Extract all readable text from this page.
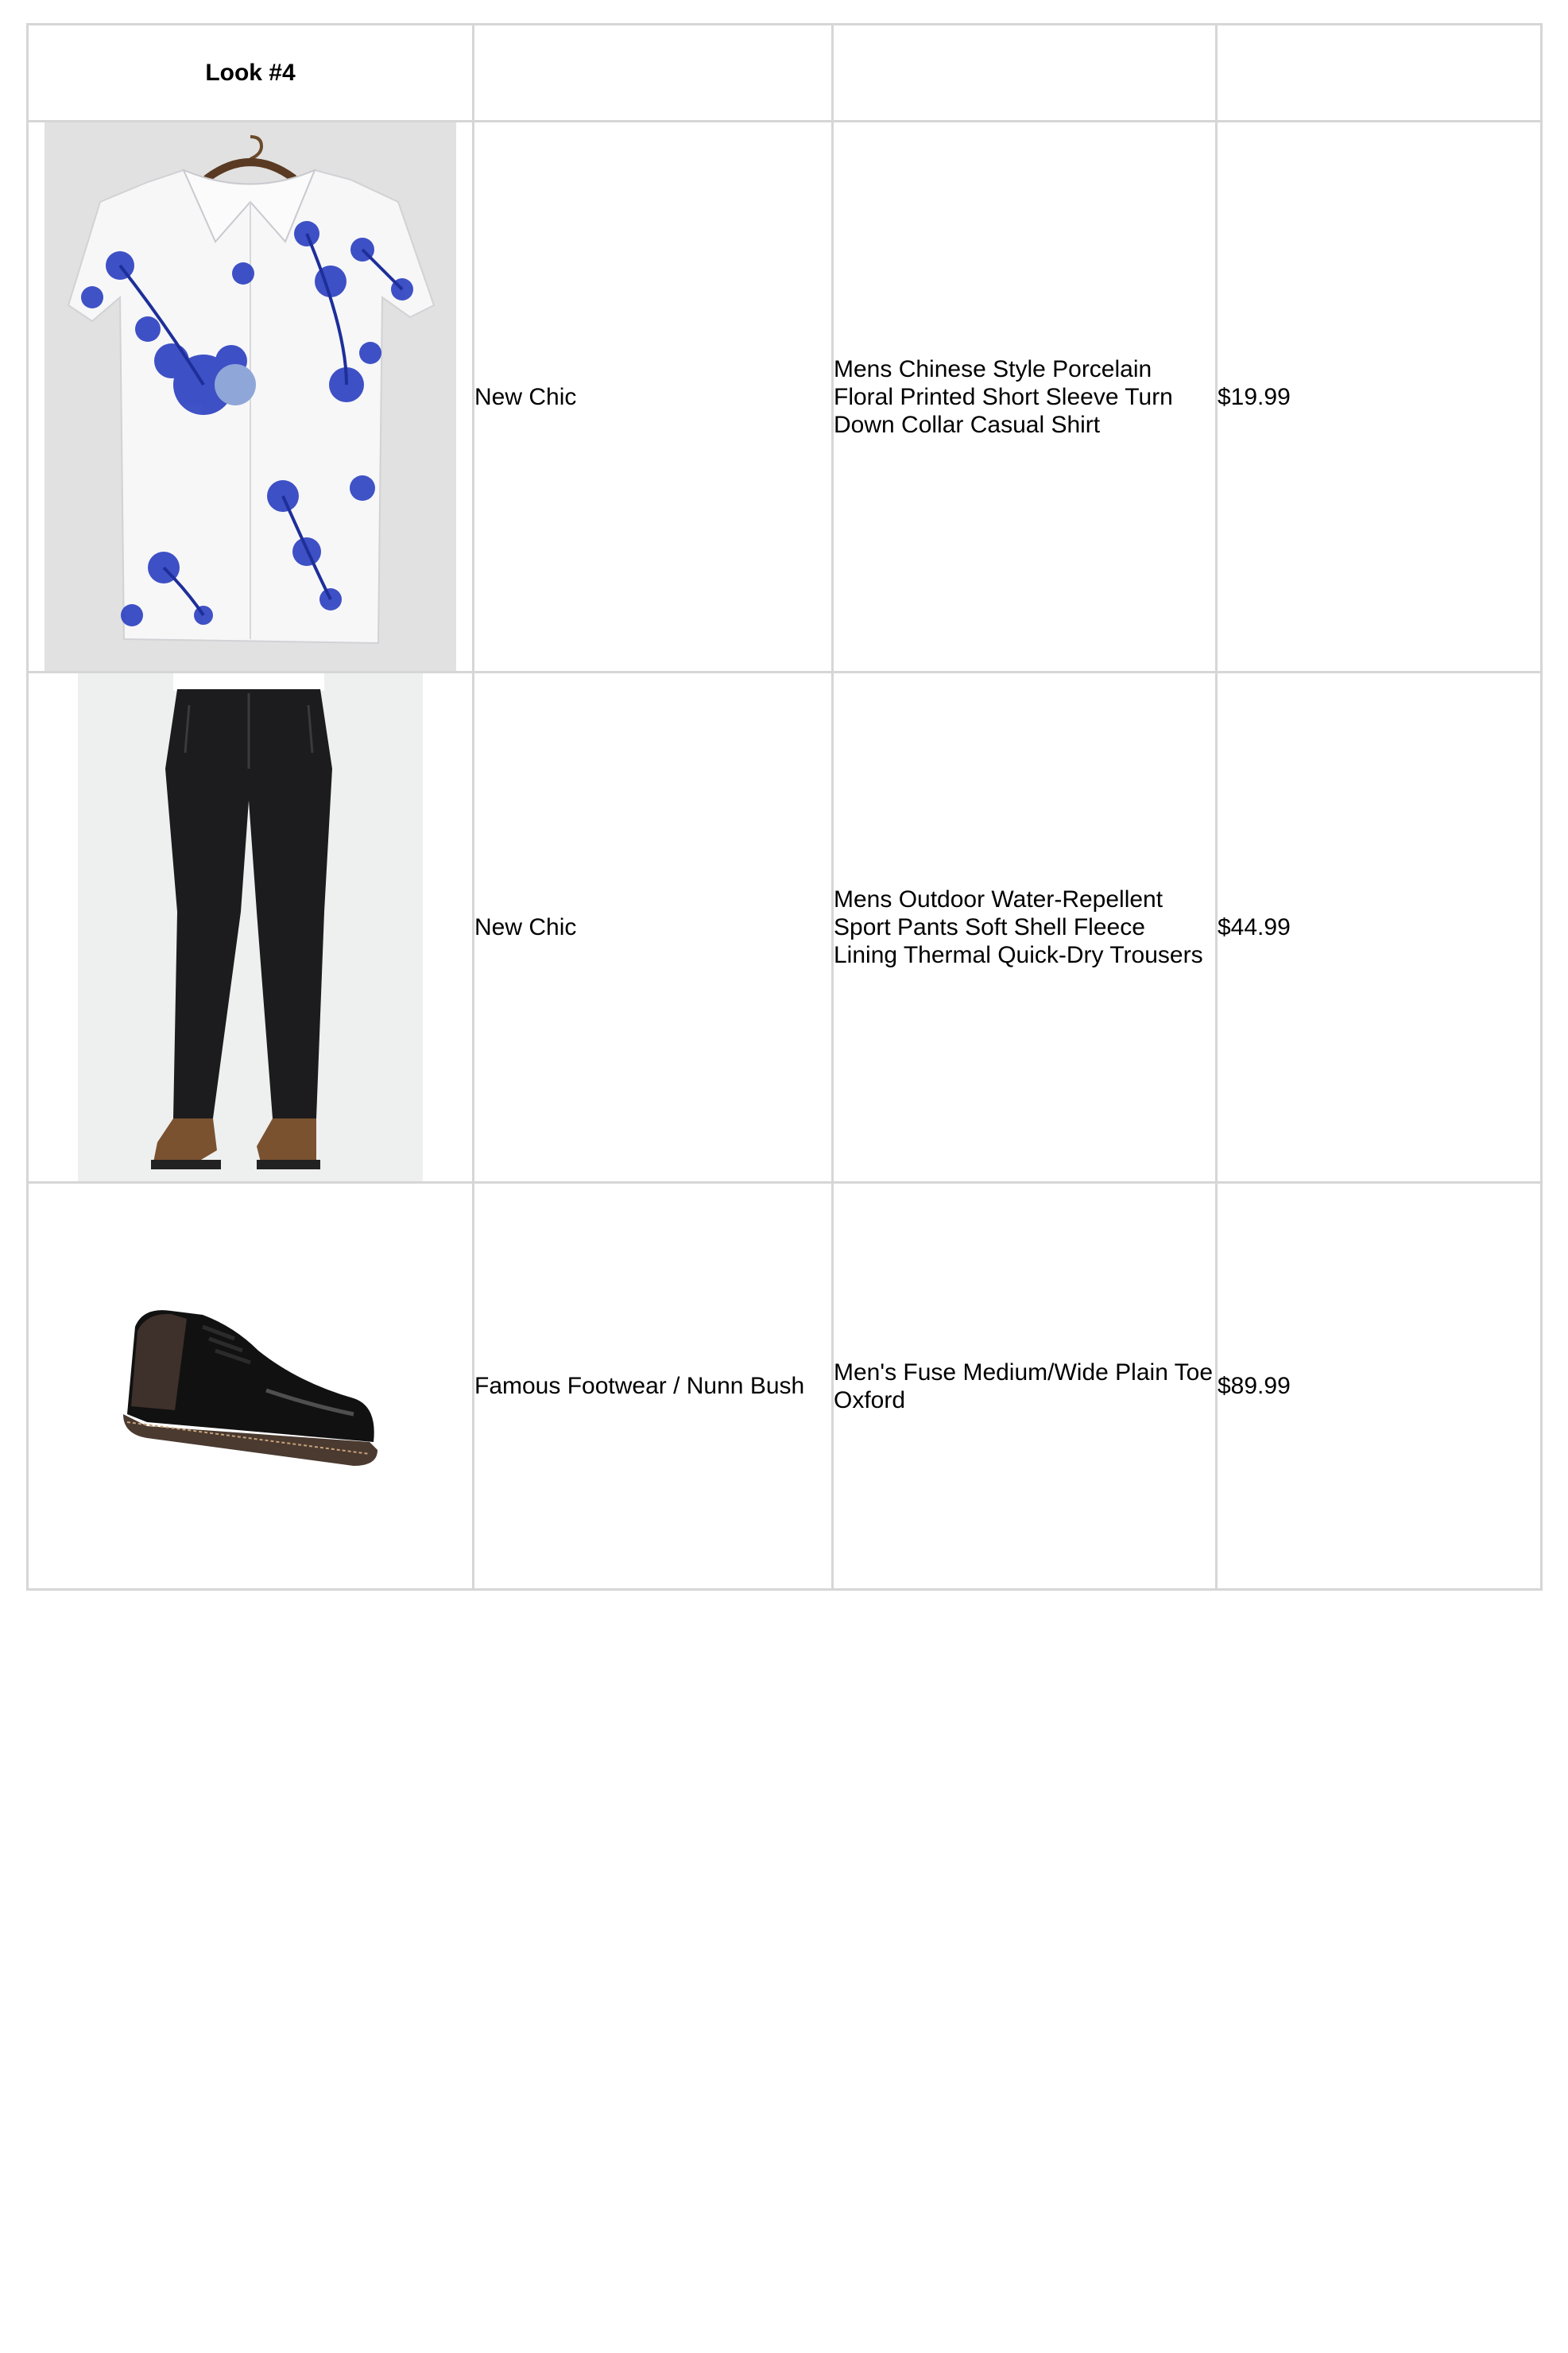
Look #4			

	New Chic	Mens Chinese Style Porcelain Floral Printed Short Sleeve Turn Down Collar Casual Shirt	$19.99

	New Chic	Mens Outdoor Water-Repellent Sport Pants Soft Shell Fleece Lining Thermal Quick-Dry Trousers	$44.99

	Famous Footwear / Nunn Bush	Men's Fuse Medium/Wide Plain Toe Oxford	$89.99
